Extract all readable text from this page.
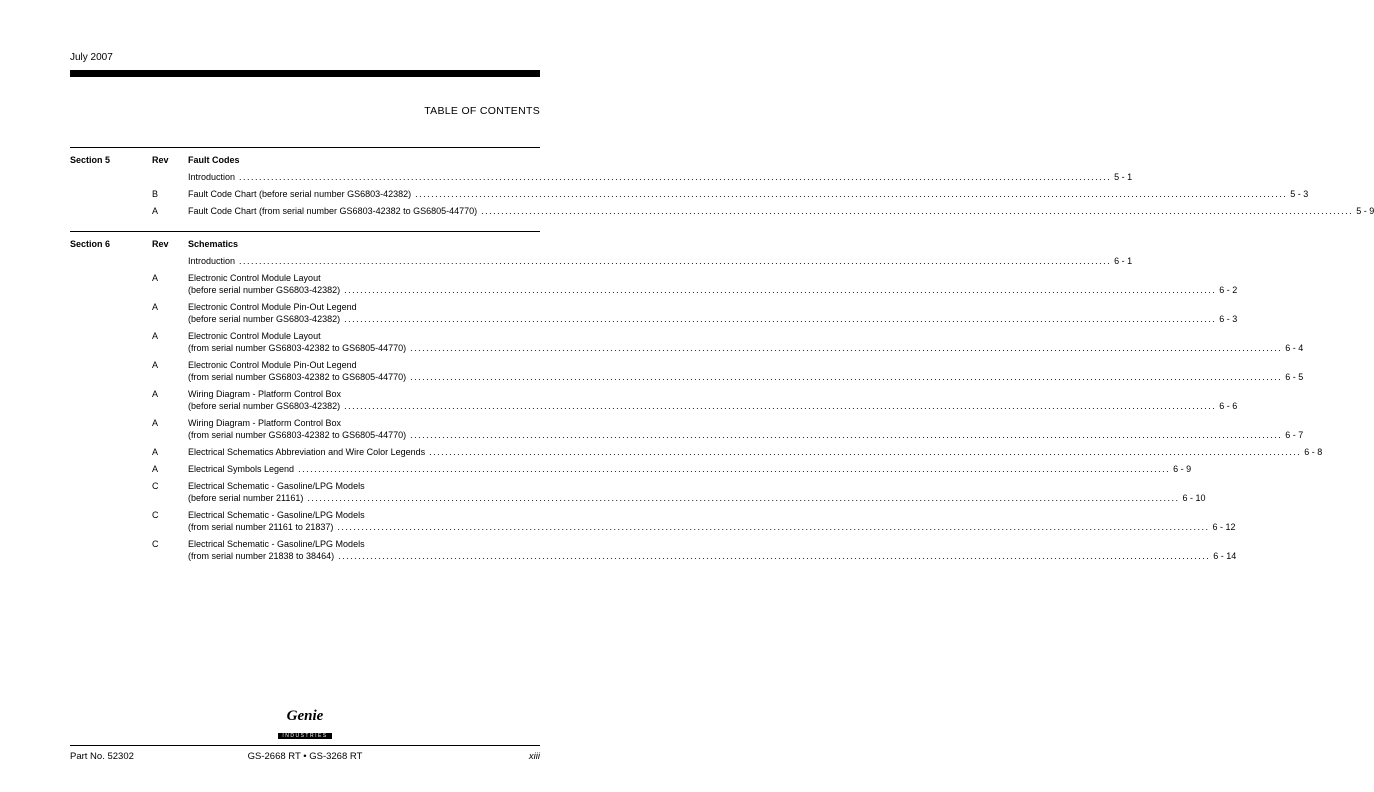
July 2007
TABLE OF CONTENTS
Section 5	Rev	Fault Codes
Introduction .....	5 - 1
B	Fault Code Chart (before serial number GS6803-42382) .....	5 - 3
A	Fault Code Chart (from serial number GS6803-42382 to GS6805-44770) .....	5 - 9
Section 6	Rev	Schematics
Introduction .....	6 - 1
A	Electronic Control Module Layout
(before serial number GS6803-42382) .....	6 - 2
A	Electronic Control Module Pin-Out Legend
(before serial number GS6803-42382) .....	6 - 3
A	Electronic Control Module Layout
(from serial number GS6803-42382 to GS6805-44770) .....	6 - 4
A	Electronic Control Module Pin-Out Legend
(from serial number GS6803-42382 to GS6805-44770) .....	6 - 5
A	Wiring Diagram - Platform Control Box
(before serial number GS6803-42382) .....	6 - 6
A	Wiring Diagram - Platform Control Box
(from serial number GS6803-42382 to GS6805-44770) .....	6 - 7
A	Electrical Schematics Abbreviation and Wire Color Legends .....	6 - 8
A	Electrical Symbols Legend .....	6 - 9
C	Electrical Schematic - Gasoline/LPG Models
(before serial number 21161) .....	6 - 10
C	Electrical Schematic - Gasoline/LPG Models
(from serial number 21161 to 21837) .....	6 - 12
C	Electrical Schematic - Gasoline/LPG Models
(from serial number 21838 to 38464) .....	6 - 14
Genie
INDUSTRIES
Part No. 52302	GS-2668 RT • GS-3268 RT	xiii
